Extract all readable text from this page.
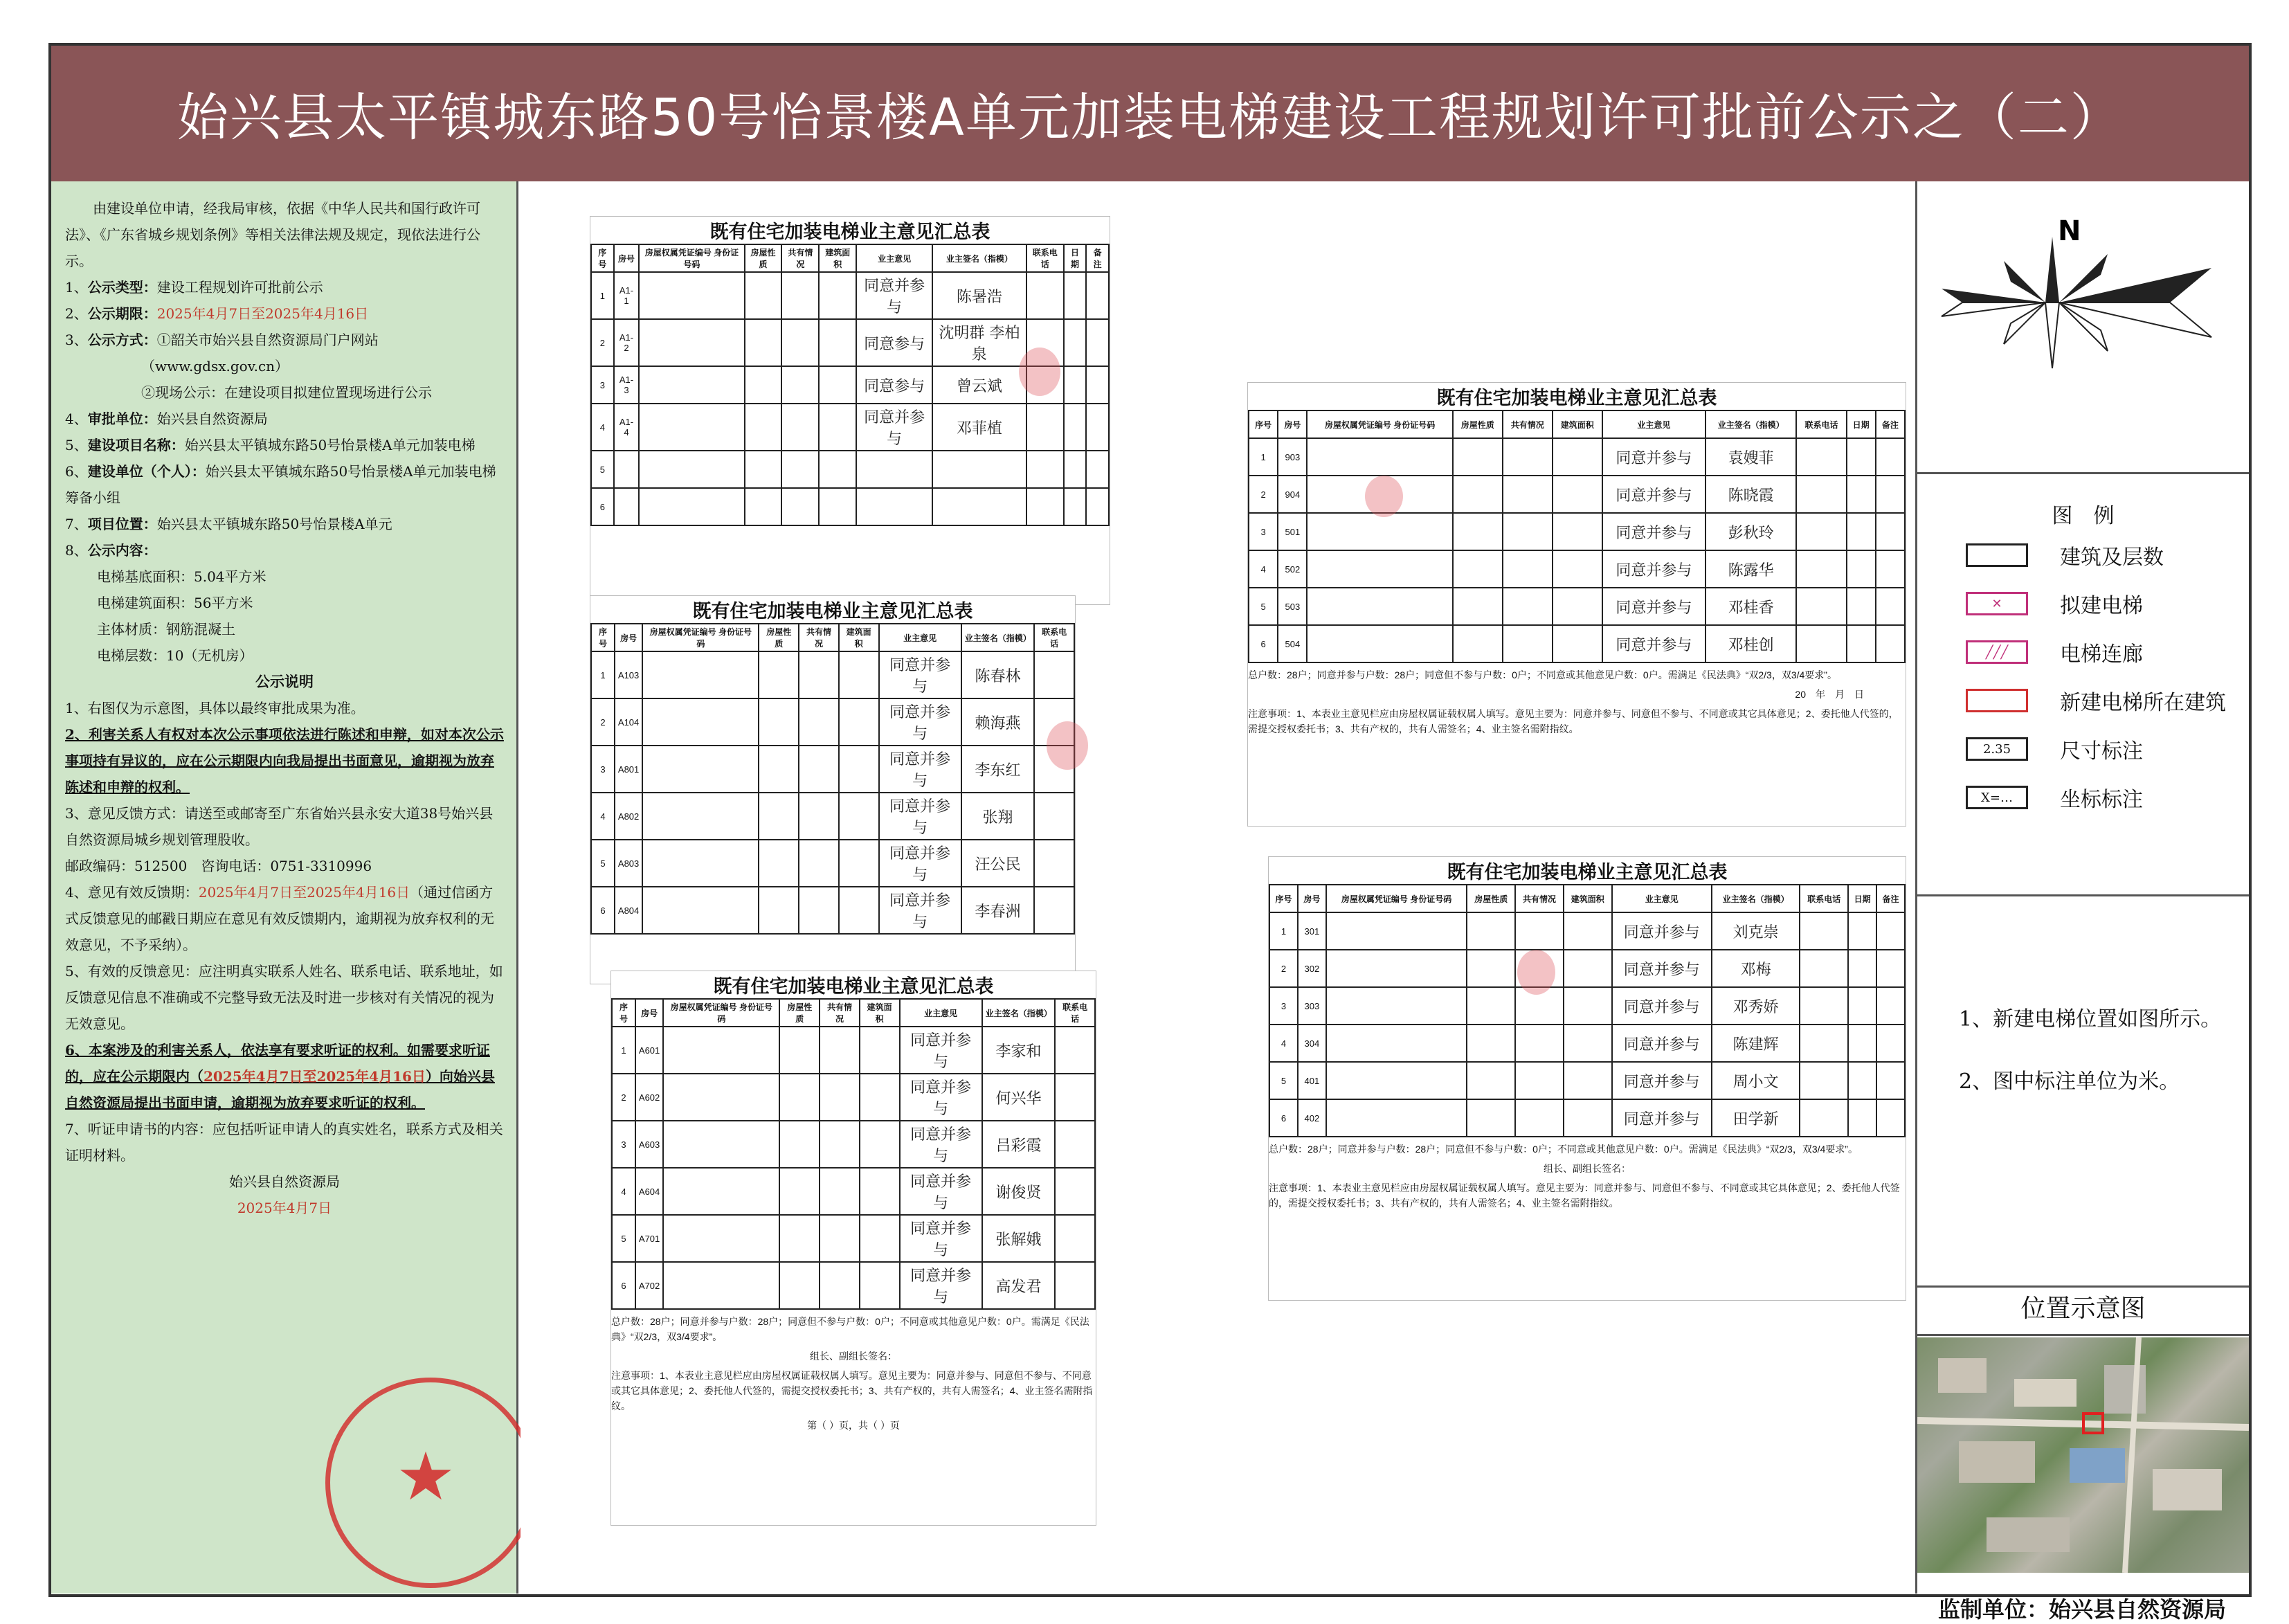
始兴县太平镇城东路50号怡景楼A单元加装电梯建设工程规划许可批前公示之（二）

　　由建设单位申请，经我局审核，依据《中华人民共和国行政许可法》、《广东省城乡规划条例》等相关法律法规及规定，现依法进行公示。

1、公示类型：建设工程规划许可批前公示

2、公示期限：2025年4月7日至2025年4月16日

3、公示方式：①韶关市始兴县自然资源局门户网站

（www.gdsx.gov.cn）

②现场公示：在建设项目拟建位置现场进行公示

4、审批单位：始兴县自然资源局

5、建设项目名称：始兴县太平镇城东路50号怡景楼A单元加装电梯

6、建设单位（个人）：始兴县太平镇城东路50号怡景楼A单元加装电梯筹备小组

7、项目位置：始兴县太平镇城东路50号怡景楼A单元

8、公示内容：

电梯基底面积：5.04平方米

电梯建筑面积：56平方米

主体材质：钢筋混凝土

电梯层数：10（无机房）

公示说明

1、右图仅为示意图，具体以最终审批成果为准。

2、利害关系人有权对本次公示事项依法进行陈述和申辩，如对本次公示事项持有异议的，应在公示期限内向我局提出书面意见，逾期视为放弃陈述和申辩的权利。

3、意见反馈方式：请送至或邮寄至广东省始兴县永安大道38号始兴县自然资源局城乡规划管理股收。

邮政编码：512500　咨询电话：0751-3310996

4、意见有效反馈期：2025年4月7日至2025年4月16日（通过信函方式反馈意见的邮戳日期应在意见有效反馈期内，逾期视为放弃权利的无效意见，不予采纳）。

5、有效的反馈意见：应注明真实联系人姓名、联系电话、联系地址，如反馈意见信息不准确或不完整导致无法及时进一步核对有关情况的视为无效意见。

6、本案涉及的利害关系人，依法享有要求听证的权利。如需要求听证的，应在公示期限内（2025年4月7日至2025年4月16日）向始兴县自然资源局提出书面申请，逾期视为放弃要求听证的权利。

7、听证申请书的内容：应包括听证申请人的真实姓名，联系方式及相关证明材料。

始兴县自然资源局

2025年4月7日

★
既有住宅加装电梯业主意见汇总表
序号	房号	房屋权属凭证编号 身份证号码	房屋性质	共有情况	建筑面积	业主意见	业主签名（指模）	联系电话	日期	备注
1	A1-1					同意并参与	陈暑浩			
2	A1-2					同意参与	沈明群 李柏泉			
3	A1-3					同意参与	曾云斌			
4	A1-4					同意并参与	邓菲植			
5										
6										
既有住宅加装电梯业主意见汇总表
序号	房号	房屋权属凭证编号 身份证号码	房屋性质	共有情况	建筑面积	业主意见	业主签名（指模）	联系电话
1	A103					同意并参与	陈春林	
2	A104					同意并参与	赖海燕	
3	A801					同意并参与	李东红	
4	A802					同意并参与	张翔	
5	A803					同意并参与	汪公民	
6	A804					同意并参与	李春洲	
既有住宅加装电梯业主意见汇总表
序号	房号	房屋权属凭证编号 身份证号码	房屋性质	共有情况	建筑面积	业主意见	业主签名（指模）	联系电话
1	A601					同意并参与	李家和	
2	A602					同意并参与	何兴华	
3	A603					同意并参与	吕彩霞	
4	A604					同意并参与	谢俊贤	
5	A701					同意并参与	张解娥	
6	A702					同意并参与	高发君	
总户数：28户；同意并参与户数：28户；同意但不参与户数：0户；不同意或其他意见户数：0户。需满足《民法典》“双2/3，双3/4要求”。
组长、副组长签名：
注意事项：1、本表业主意见栏应由房屋权属证载权属人填写。意见主要为：同意并参与、同意但不参与、不同意或其它具体意见；2、委托他人代签的，需提交授权委托书；3、共有产权的，共有人需签名；4、业主签名需附指纹。
第（ ）页，共（ ）页
既有住宅加装电梯业主意见汇总表
序号	房号	房屋权属凭证编号 身份证号码	房屋性质	共有情况	建筑面积	业主意见	业主签名（指模）	联系电话	日期	备注
1	903					同意并参与	袁嫂菲			
2	904					同意并参与	陈晓霞			
3	501					同意并参与	彭秋玲			
4	502					同意并参与	陈露华			
5	503					同意并参与	邓桂香			
6	504					同意并参与	邓桂创			
总户数：28户；同意并参与户数：28户；同意但不参与户数：0户；不同意或其他意见户数：0户。需满足《民法典》“双2/3，双3/4要求”。
20　年　月　日
注意事项：1、本表业主意见栏应由房屋权属证载权属人填写。意见主要为：同意并参与、同意但不参与、不同意或其它具体意见；2、委托他人代签的，需提交授权委托书；3、共有产权的，共有人需签名；4、业主签名需附指纹。
既有住宅加装电梯业主意见汇总表
序号	房号	房屋权属凭证编号 身份证号码	房屋性质	共有情况	建筑面积	业主意见	业主签名（指模）	联系电话	日期	备注
1	301					同意并参与	刘克崇			
2	302					同意并参与	邓梅			
3	303					同意并参与	邓秀娇			
4	304					同意并参与	陈建辉			
5	401					同意并参与	周小文			
6	402					同意并参与	田学新			
总户数：28户；同意并参与户数：28户；同意但不参与户数：0户；不同意或其他意见户数：0户。需满足《民法典》“双2/3，双3/4要求”。
组长、副组长签名：
注意事项：1、本表业主意见栏应由房屋权属证载权属人填写。意见主要为：同意并参与、同意但不参与、不同意或其它具体意见；2、委托他人代签的，需提交授权委托书；3、共有产权的，共有人需签名；4、业主签名需附指纹。
N
图　例
建筑及层数
✕	拟建电梯
╱╱╱	电梯连廊
新建电梯所在建筑
2.35	尺寸标注
X=…	坐标标注
1、新建电梯位置如图所示。
2、图中标注单位为米。
位置示意图
监制单位：始兴县自然资源局
